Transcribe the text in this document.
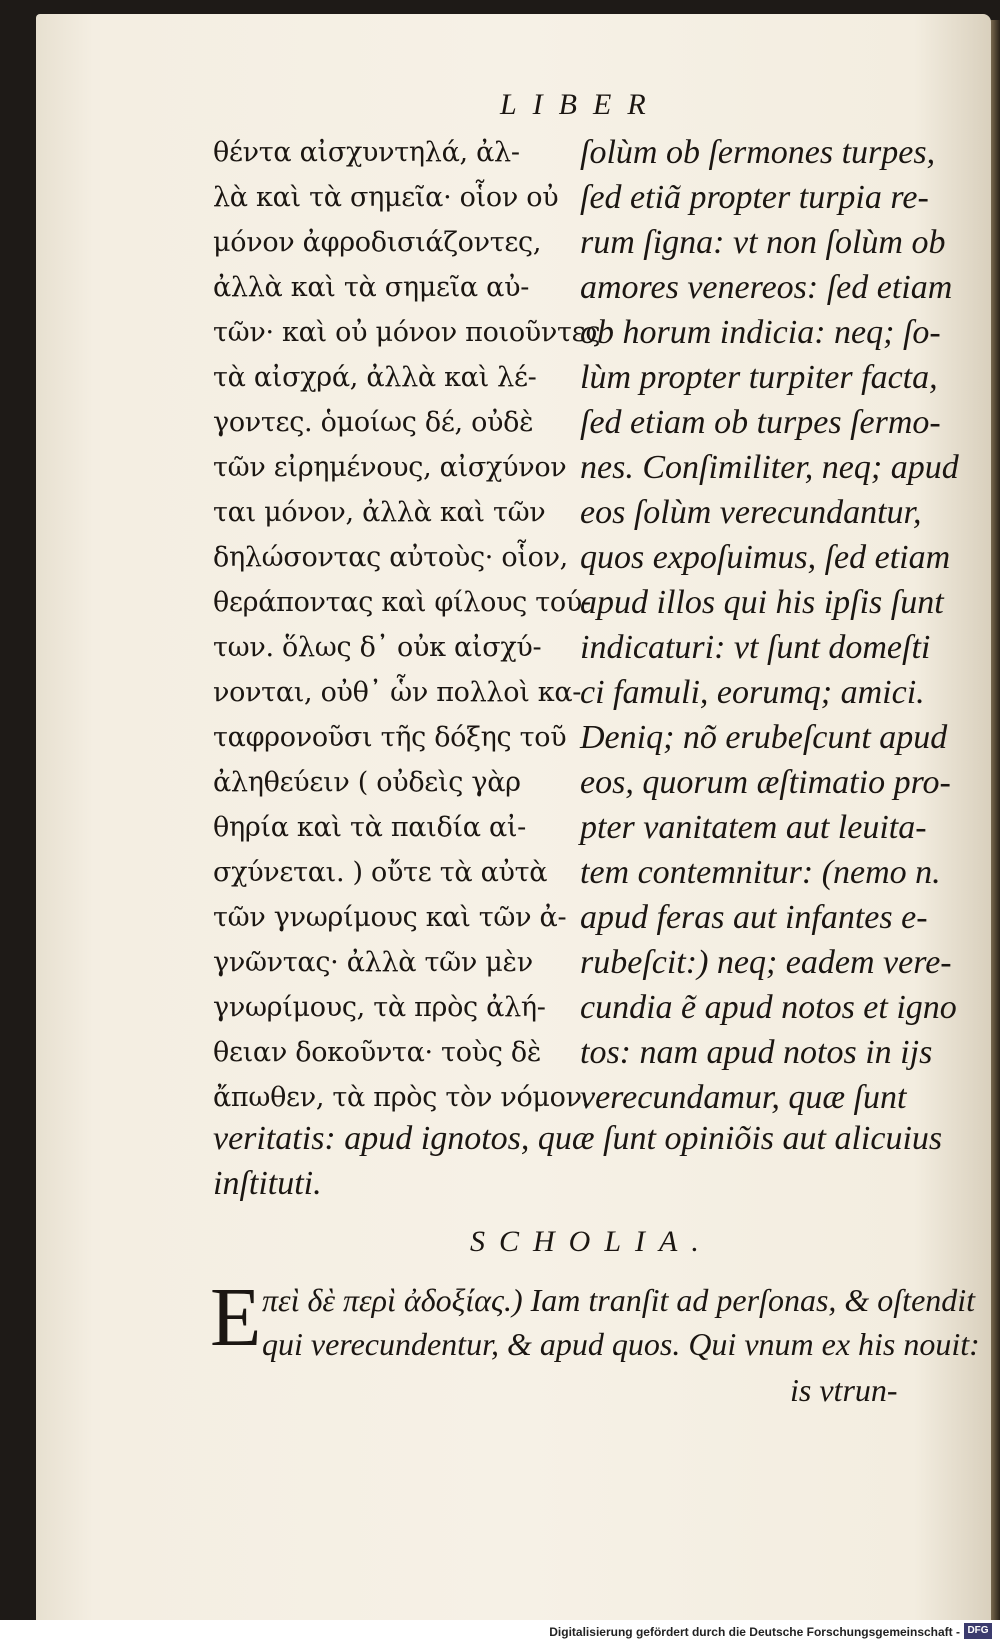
LIBER
θέντα αἰσχυντηλά, ἀλ-
λὰ καὶ τὰ σημεῖα· οἷον οὐ
μόνον ἀφροδισιάζοντες,
ἀλλὰ καὶ τὰ σημεῖα αὐ-
τῶν· καὶ οὐ μόνον ποιοῦντες
τὰ αἰσχρά, ἀλλὰ καὶ λέ-
γοντες. ὁμοίως δέ, οὐδὲ
τῶν εἰρημένους, αἰσχύνον
ται μόνον, ἀλλὰ καὶ τῶν
δηλώσοντας αὐτοὺς· οἷον,
θεράποντας καὶ φίλους τού-
των. ὅλως δ᾽ οὐκ αἰσχύ-
νονται, οὐθ᾽ ὧν πολλοὶ κα-
ταφρονοῦσι τῆς δόξης τοῦ
ἀληθεύειν ( οὐδεὶς γὰρ
θηρία καὶ τὰ παιδία αἰ-
σχύνεται. ) οὔτε τὰ αὐτὰ
τῶν γνωρίμους καὶ τῶν ἀ-
γνῶντας· ἀλλὰ τῶν μὲν
γνωρίμους, τὰ πρὸς ἀλή-
θειαν δοκοῦντα· τοὺς δὲ
ἄπωθεν, τὰ πρὸς τὸν νόμον.
ſolùm ob ſermones turpes,
ſed etiã propter turpia re-
rum ſigna: vt non ſolùm ob
amores venereos: ſed etiam
ob horum indicia: neq; ſo-
lùm propter turpiter facta,
ſed etiam ob turpes ſermo-
nes. Conſimiliter, neq; apud
eos ſolùm verecundantur,
quos expoſuimus, ſed etiam
apud illos qui his ipſis ſunt
indicaturi: vt ſunt domeſti
ci famuli, eorumq; amici.
Deniq; nõ erubeſcunt apud
eos, quorum æſtimatio pro-
pter vanitatem aut leuita-
tem contemnitur: (nemo n.
apud feras aut infantes e-
rubeſcit:) neq; eadem vere-
cundia ẽ apud notos et igno
tos: nam apud notos in ijs
verecundamur, quæ ſunt
veritatis: apud ignotos, quæ ſunt opiniõis aut alicuius
inſtituti.
SCHOLIA.
E πεὶ δὲ περὶ ἀδοξίας.) Iam tranſit ad perſonas, & oſtendit
qui verecundentur, & apud quos. Qui vnum ex his nouit:
is vtrun-
Digitalisierung gefördert durch die Deutsche Forschungsgemeinschaft - DFG
